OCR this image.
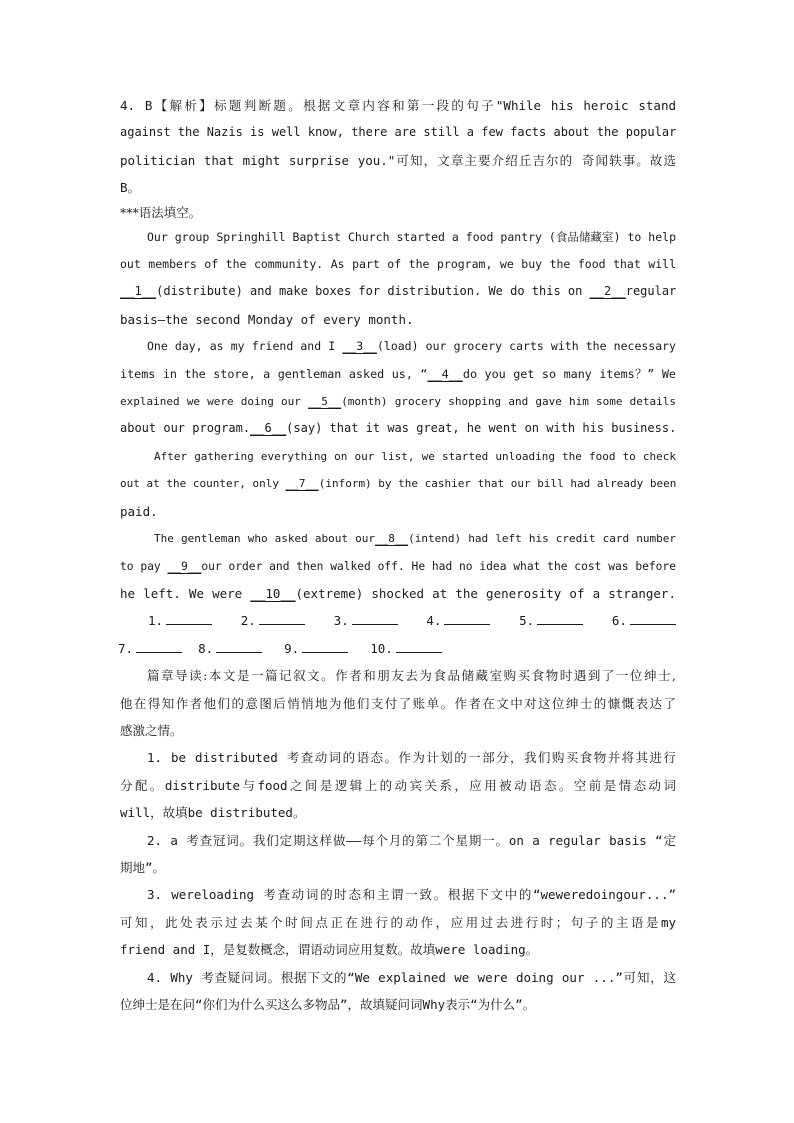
4. B【解析】标题判断题。根据文章内容和第一段的句子"While his heroic stand
against the Nazis is well know, there are still a few facts about the popular
politician that might surprise you."可知，文章主要介绍丘吉尔的 奇闻轶事。故选
B。
***语法填空。
Our group Springhill Baptist Church started a food pantry (食品储藏室) to help
out members of the community. As part of the program, we buy the food that will
__1__(distribute) and make boxes for distribution. We do this on __2__regular
basis—the second Monday of every month.
One day, as my friend and I __3__(load) our grocery carts with the necessary
items in the store, a gentleman asked us, “__4__do you get so many items？” We
explained we were doing our __5__(month) grocery shopping and gave him some details
about our program.__6__(say) that it was great, he went on with his business.
After gathering everything on our list, we started unloading the food to check
out at the counter, only __7__(inform) by the cashier that our bill had already been
paid.
The gentleman who asked about our__8__(intend) had left his credit card number
to pay __9__our order and then walked off. He had no idea what the cost was before
he left. We were __10__(extreme) shocked at the generosity of a stranger.
1.	2.	3.	4.	5.	6.
7.	8.	9.	10.
篇章导读:本文是一篇记叙文。作者和朋友去为食品储藏室购买食物时遇到了一位绅士,
他在得知作者他们的意图后悄悄地为他们支付了账单。作者在文中对这位绅士的慷慨表达了
感激之情。
1. be distributed 考查动词的语态。作为计划的一部分，我们购买食物并将其进行
分配。distribute与food之间是逻辑上的动宾关系，应用被动语态。空前是情态动词
will，故填be distributed。
2. a 考查冠词。我们定期这样做——每个月的第二个星期一。on a regular basis “定
期地”。
3. wereloading 考查动词的时态和主谓一致。根据下文中的“weweredoingour...”
可知，此处表示过去某个时间点正在进行的动作，应用过去进行时；句子的主语是my
friend and I，是复数概念，谓语动词应用复数。故填were loading。
4. Why 考查疑问词。根据下文的“We explained we were doing our ...”可知，这
位绅士是在问“你们为什么买这么多物品”，故填疑问词Why表示“为什么”。
